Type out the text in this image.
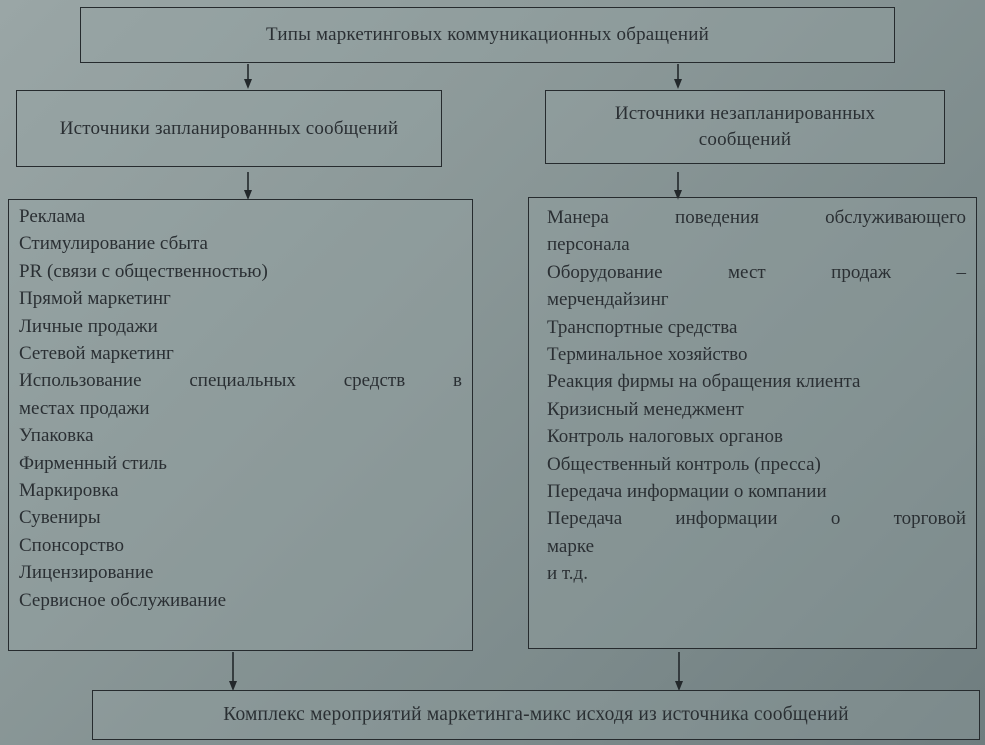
Типы маркетинговых коммуникационных обращений
Источники запланированных сообщений
Источники незапланированных сообщений
Реклама
Стимулирование сбыта
PR (связи с общественностью)
Прямой маркетинг
Личные продажи
Сетевой маркетинг
Использование специальных средств в
местах продажи
Упаковка
Фирменный стиль
Маркировка
Сувениры
Спонсорство
Лицензирование
Сервисное обслуживание
Манера поведения обслуживающего
персонала
Оборудование мест продаж –
мерчендайзинг
Транспортные средства
Терминальное хозяйство
Реакция фирмы на обращения клиента
Кризисный менеджмент
Контроль налоговых органов
Общественный контроль (пресса)
Передача информации о компании
Передача информации о торговой
марке
и т.д.
Комплекс мероприятий маркетинга-микс исходя из источника сообщений
